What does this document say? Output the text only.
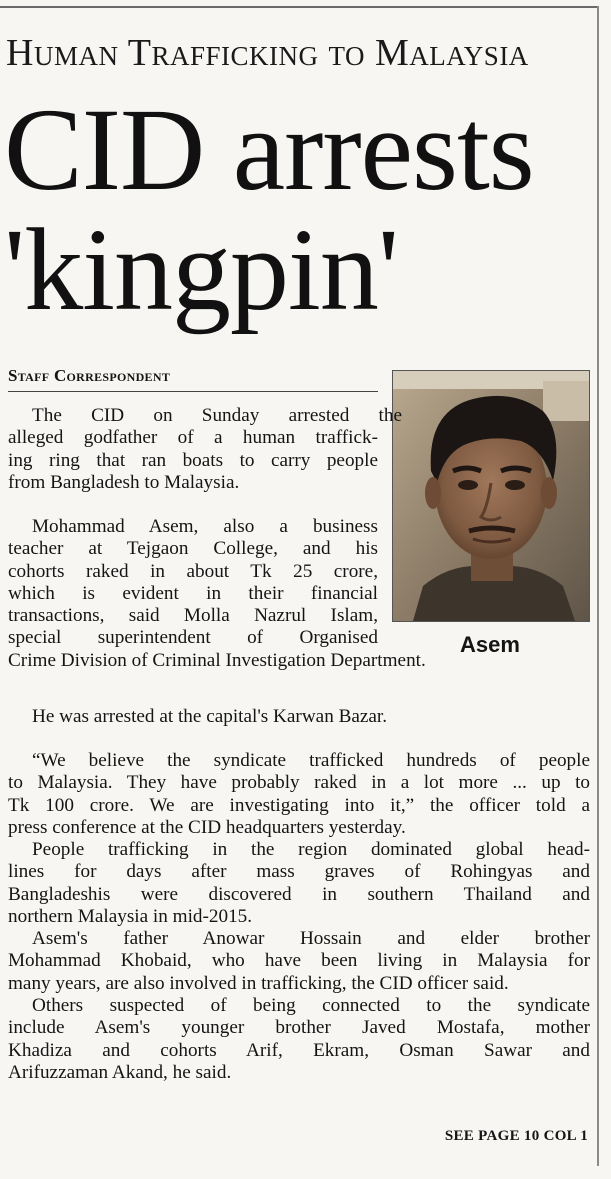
Human Trafficking to Malaysia
CID arrests
'kingpin'
Staff Correspondent
Asem
The CID on Sunday arrested the
alleged godfather of a human traffick-
ing ring that ran boats to carry people
from Bangladesh to Malaysia.
Mohammad Asem, also a business
teacher at Tejgaon College, and his
cohorts raked in about Tk 25 crore,
which is evident in their financial
transactions, said Molla Nazrul Islam,
special superintendent of Organised
Crime Division of Criminal Investigation Department.
He was arrested at the capital's Karwan Bazar.
“We believe the syndicate trafficked hundreds of people
to Malaysia. They have probably raked in a lot more ... up to
Tk 100 crore. We are investigating into it,” the officer told a
press conference at the CID headquarters yesterday.
People trafficking in the region dominated global head-
lines for days after mass graves of Rohingyas and
Bangladeshis were discovered in southern Thailand and
northern Malaysia in mid-2015.
Asem's father Anowar Hossain and elder brother
Mohammad Khobaid, who have been living in Malaysia for
many years, are also involved in trafficking, the CID officer said.
Others suspected of being connected to the syndicate
include Asem's younger brother Javed Mostafa, mother
Khadiza and cohorts Arif, Ekram, Osman Sawar and
Arifuzzaman Akand, he said.
SEE PAGE 10 COL 1
